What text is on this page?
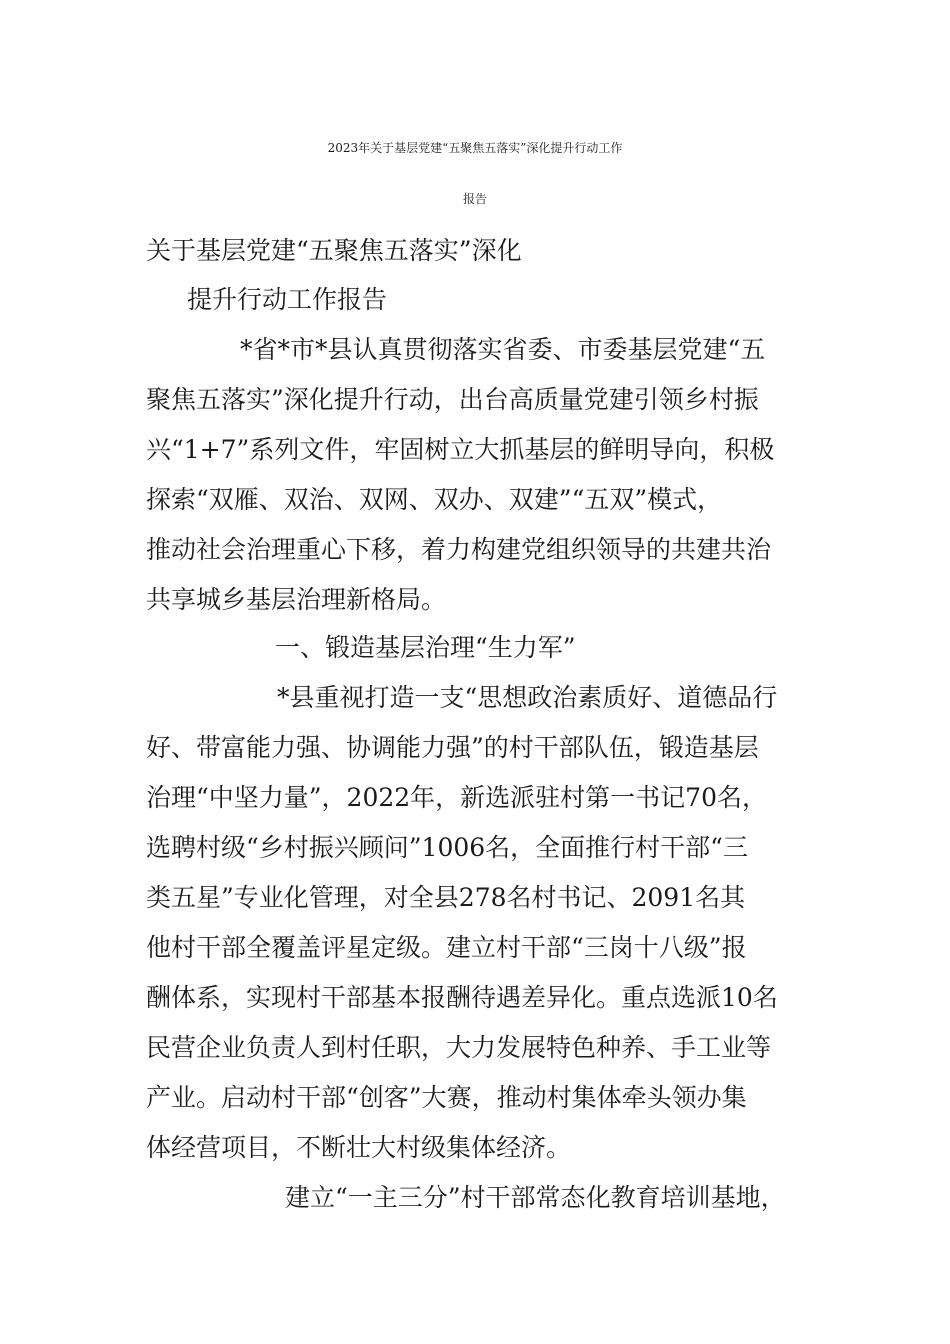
2023年关于基层党建“五聚焦五落实”深化提升行动工作
报告
关于基层党建“五聚焦五落实”深化
提升行动工作报告
*省*市*县认真贯彻落实省委、市委基层党建“五
聚焦五落实”深化提升行动，出台高质量党建引领乡村振
兴“1+7”系列文件，牢固树立大抓基层的鲜明导向，积极
探索“双雁、双治、双网、双办、双建”“五双”模式，
推动社会治理重心下移，着力构建党组织领导的共建共治
共享城乡基层治理新格局。
一、锻造基层治理“生力军”
*县重视打造一支“思想政治素质好、道德品行
好、带富能力强、协调能力强”的村干部队伍，锻造基层
治理“中坚力量”，2022年，新选派驻村第一书记70名，
选聘村级“乡村振兴顾问”1006名，全面推行村干部“三
类五星”专业化管理，对全县278名村书记、2091名其
他村干部全覆盖评星定级。建立村干部“三岗十八级”报
酬体系，实现村干部基本报酬待遇差异化。重点选派10名
民营企业负责人到村任职，大力发展特色种养、手工业等
产业。启动村干部“创客”大赛，推动村集体牵头领办集
体经营项目，不断壮大村级集体经济。
建立“一主三分”村干部常态化教育培训基地，
